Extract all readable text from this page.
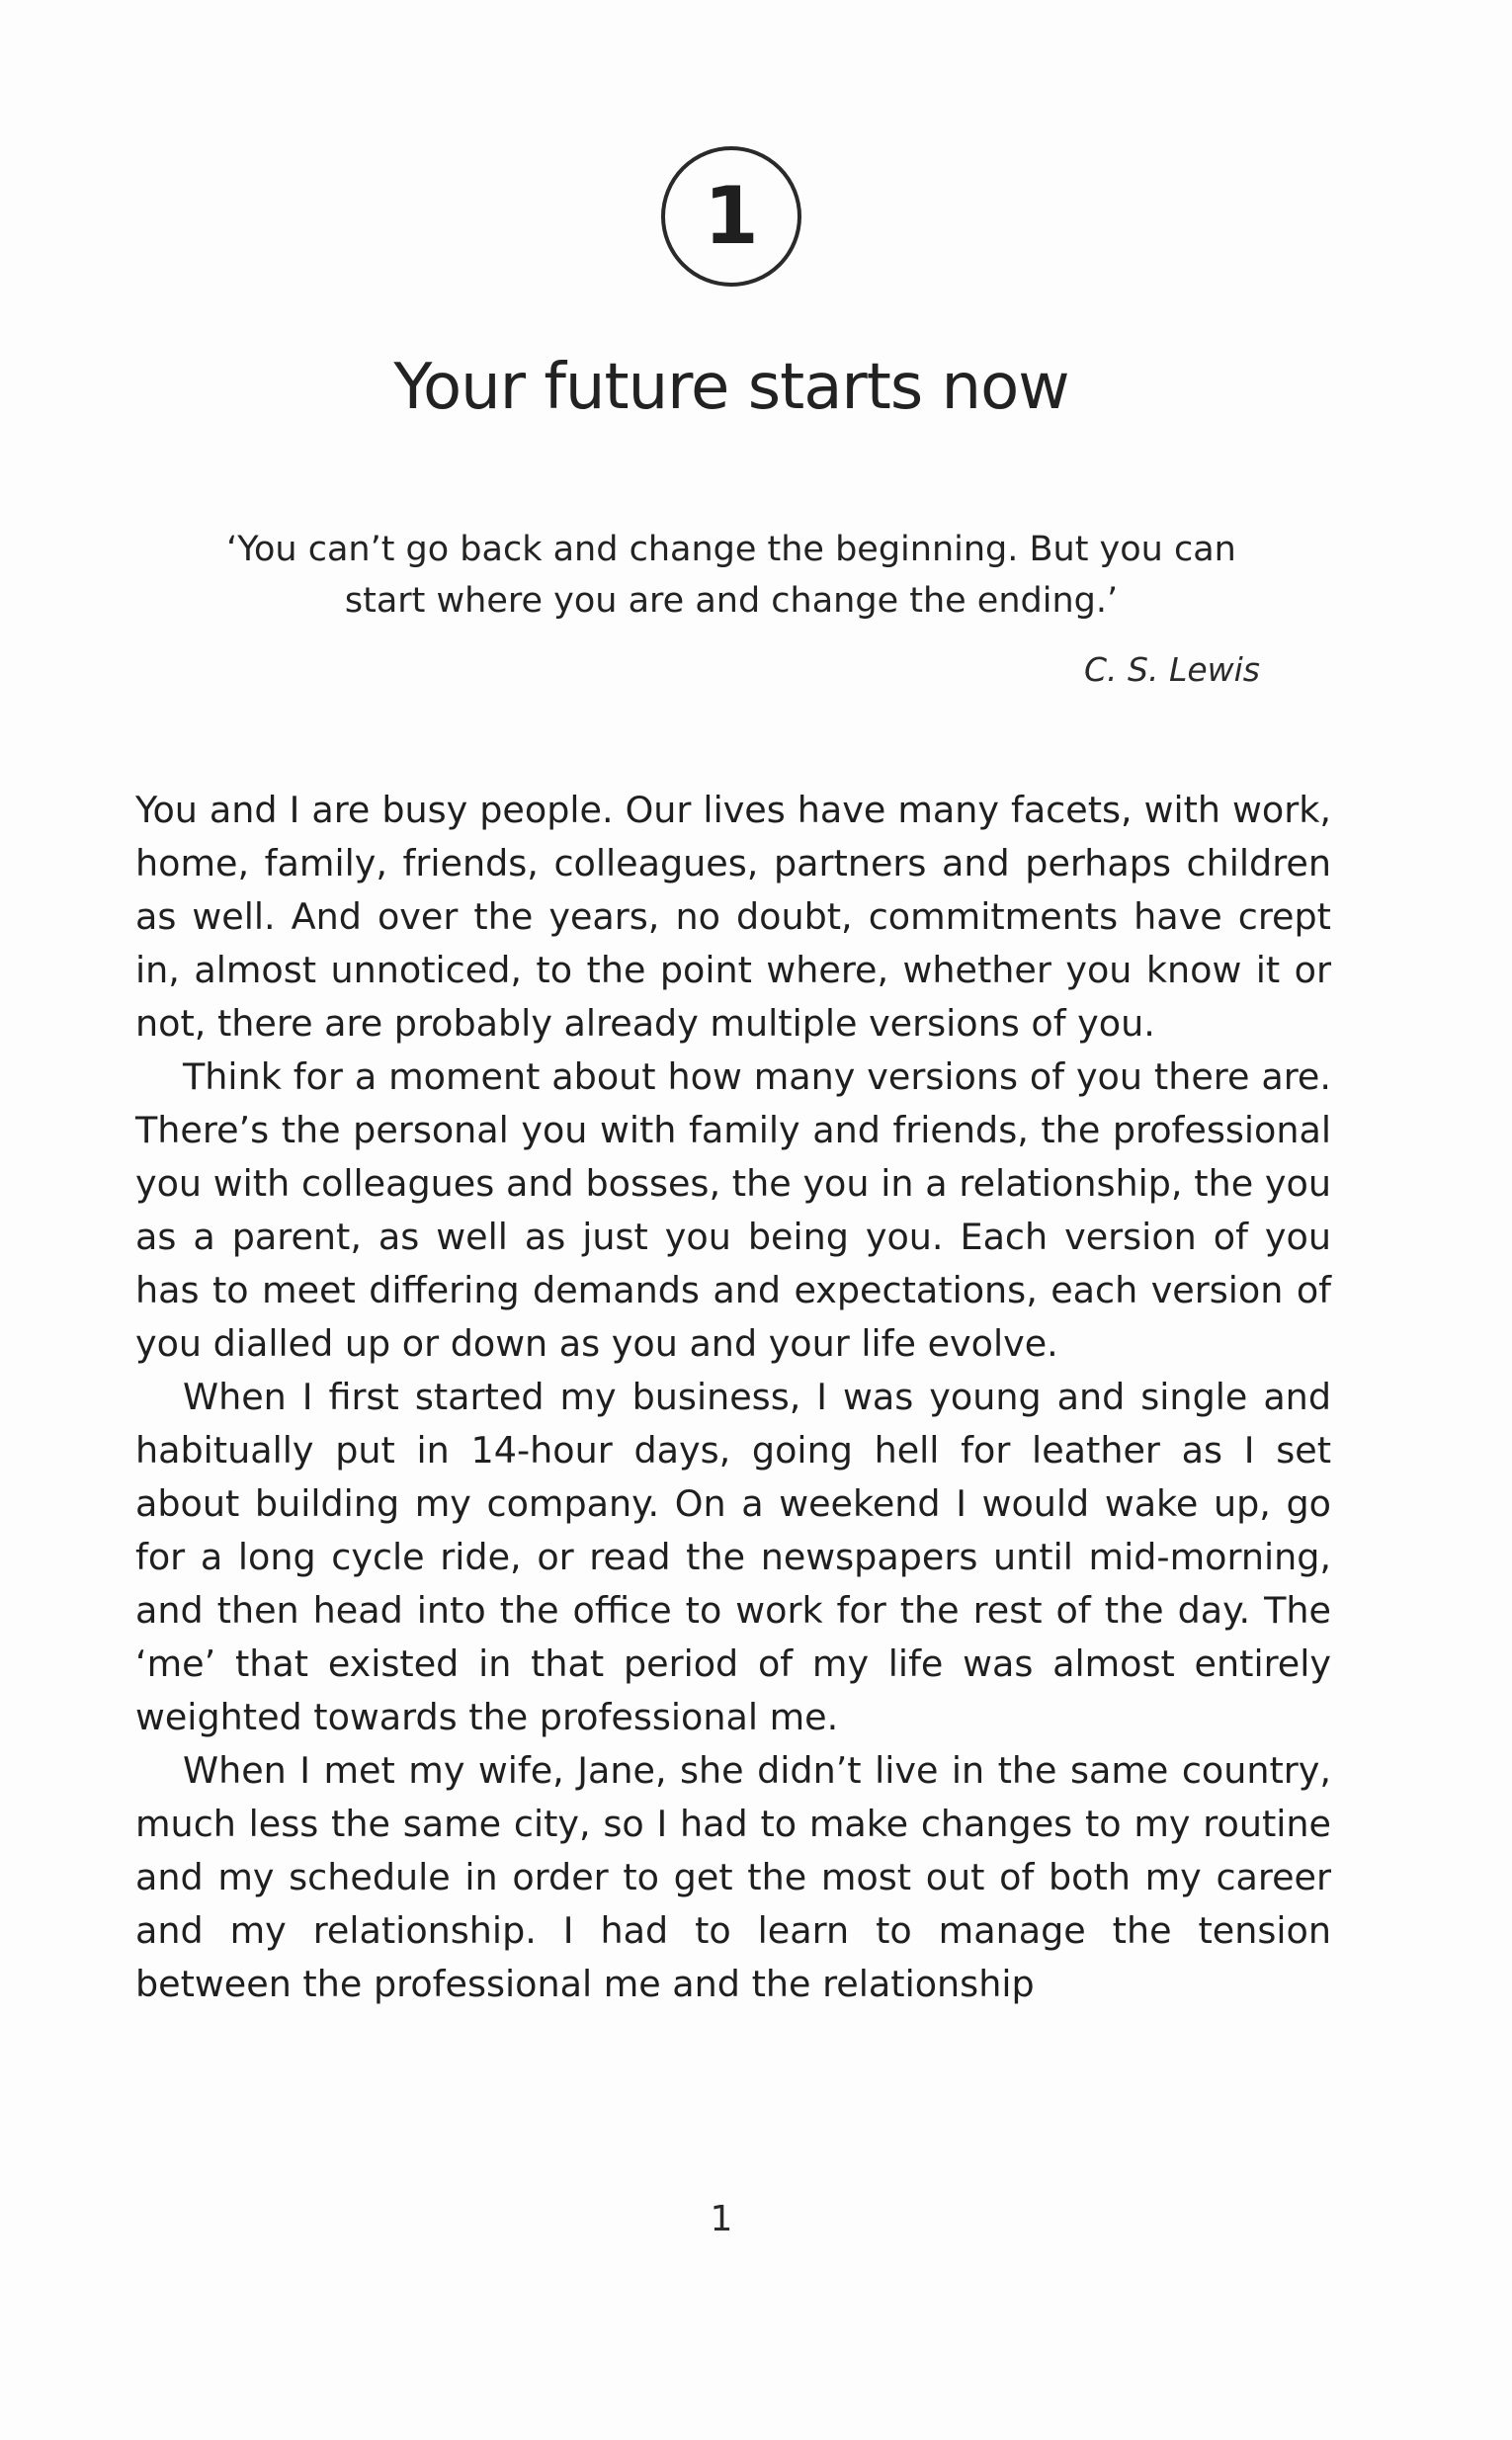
1
Your future starts now

‘You can’t go back and change the beginning. But you can start where you are and change the ending.’

C. S. Lewis

You and I are busy people. Our lives have many facets, with work, home, family, friends, colleagues, partners and perhaps children as well. And over the years, no doubt, commitments have crept in, almost unnoticed, to the point where, whether you know it or not, there are probably already multiple versions of you.

Think for a moment about how many versions of you there are. There’s the personal you with family and friends, the professional you with colleagues and bosses, the you in a relationship, the you as a parent, as well as just you being you. Each version of you has to meet differing demands and expectations, each version of you dialled up or down as you and your life evolve.

When I first started my business, I was young and single and habitually put in 14-hour days, going hell for leather as I set about building my company. On a weekend I would wake up, go for a long cycle ride, or read the newspapers until mid-morning, and then head into the office to work for the rest of the day. The ‘me’ that existed in that period of my life was almost entirely weighted towards the professional me.

When I met my wife, Jane, she didn’t live in the same country, much less the same city, so I had to make changes to my routine and my schedule in order to get the most out of both my career and my relationship. I had to learn to manage the tension between the professional me and the relationship

1
